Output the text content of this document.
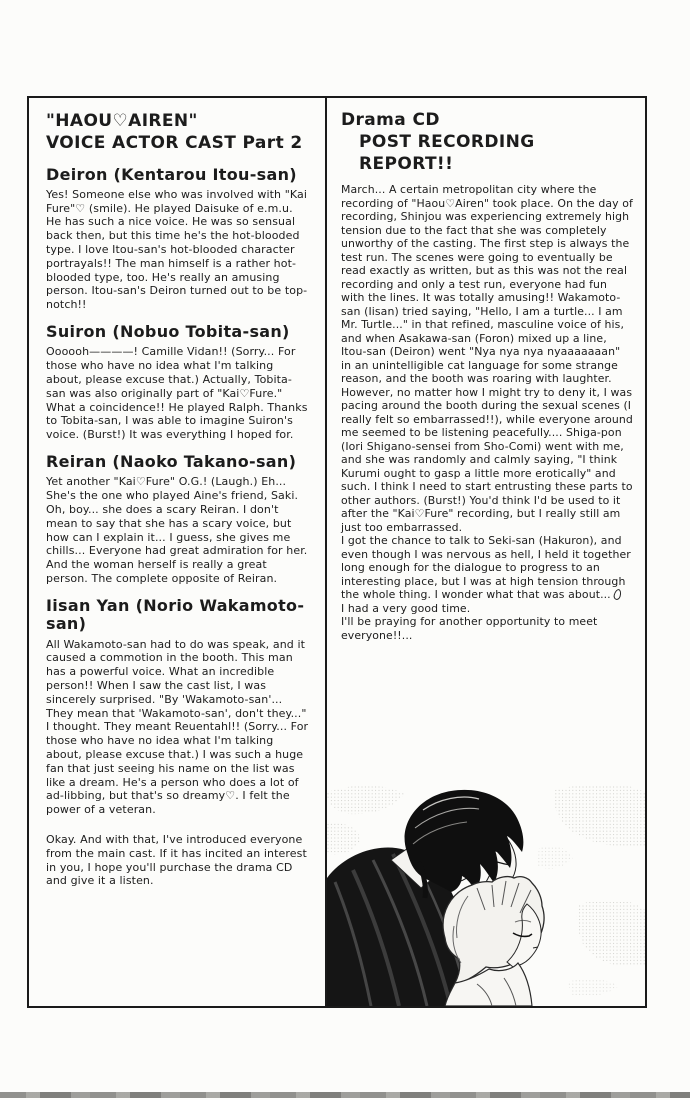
"HAOU♡AIREN"
VOICE ACTOR CAST Part 2
Deiron (Kentarou Itou-san)

Yes! Someone else who was involved with "Kai Fure"♡ (smile). He played Daisuke of e.m.u. He has such a nice voice. He was so sensual back then, but this time he's the hot-blooded type. I love Itou-san's hot-blooded character portrayals!! The man himself is a rather hot-blooded type, too. He's really an amusing person. Itou-san's Deiron turned out to be top-notch!!

Suiron (Nobuo Tobita-san)

Oooooh————! Camille Vidan!! (Sorry... For those who have no idea what I'm talking about, please excuse that.) Actually, Tobita-san was also originally part of "Kai♡Fure." What a coincidence!! He played Ralph. Thanks to Tobita-san, I was able to imagine Suiron's voice. (Burst!) It was everything I hoped for.

Reiran (Naoko Takano-san)

Yet another "Kai♡Fure" O.G.! (Laugh.) Eh... She's the one who played Aine's friend, Saki. Oh, boy... she does a scary Reiran. I don't mean to say that she has a scary voice, but how can I explain it... I guess, she gives me chills... Everyone had great admiration for her. And the woman herself is really a great person. The complete opposite of Reiran.

Iisan Yan (Norio Wakamoto-san)

All Wakamoto-san had to do was speak, and it caused a commotion in the booth. This man has a powerful voice. What an incredible person!! When I saw the cast list, I was sincerely surprised. "By 'Wakamoto-san'... They mean that 'Wakamoto-san', don't they..." I thought. They meant Reuentahl!! (Sorry... For those who have no idea what I'm talking about, please excuse that.) I was such a huge fan that just seeing his name on the list was like a dream. He's a person who does a lot of ad-libbing, but that's so dreamy♡. I felt the power of a veteran.

Okay. And with that, I've introduced everyone from the main cast. If it has incited an interest in you, I hope you'll purchase the drama CD and give it a listen.

Drama CD
POST RECORDING REPORT!!

March... A certain metropolitan city where the recording of "Haou♡Airen" took place. On the day of recording, Shinjou was experiencing extremely high tension due to the fact that she was completely unworthy of the casting. The first step is always the test run. The scenes were going to eventually be read exactly as written, but as this was not the real recording and only a test run, everyone had fun with the lines. It was totally amusing!! Wakamoto-san (Iisan) tried saying, "Hello, I am a turtle... I am Mr. Turtle..." in that refined, masculine voice of his, and when Asakawa-san (Foron) mixed up a line, Itou-san (Deiron) went "Nya nya nya nyaaaaaaan" in an unintelligible cat language for some strange reason, and the booth was roaring with laughter.

However, no matter how I might try to deny it, I was pacing around the booth during the sexual scenes (I really felt so embarrassed!!), while everyone around me seemed to be listening peacefully.... Shiga-pon (Iori Shigano-sensei from Sho-Comi) went with me, and she was randomly and calmly saying, "I think Kurumi ought to gasp a little more erotically" and such. I think I need to start entrusting these parts to other authors. (Burst!) You'd think I'd be used to it after the "Kai♡Fure" recording, but I really still am just too embarrassed.

I got the chance to talk to Seki-san (Hakuron), and even though I was nervous as hell, I held it together long enough for the dialogue to progress to an interesting place, but I was at high tension through the whole thing. I wonder what that was about...

I had a very good time.

I'll be praying for another opportunity to meet everyone!!...
